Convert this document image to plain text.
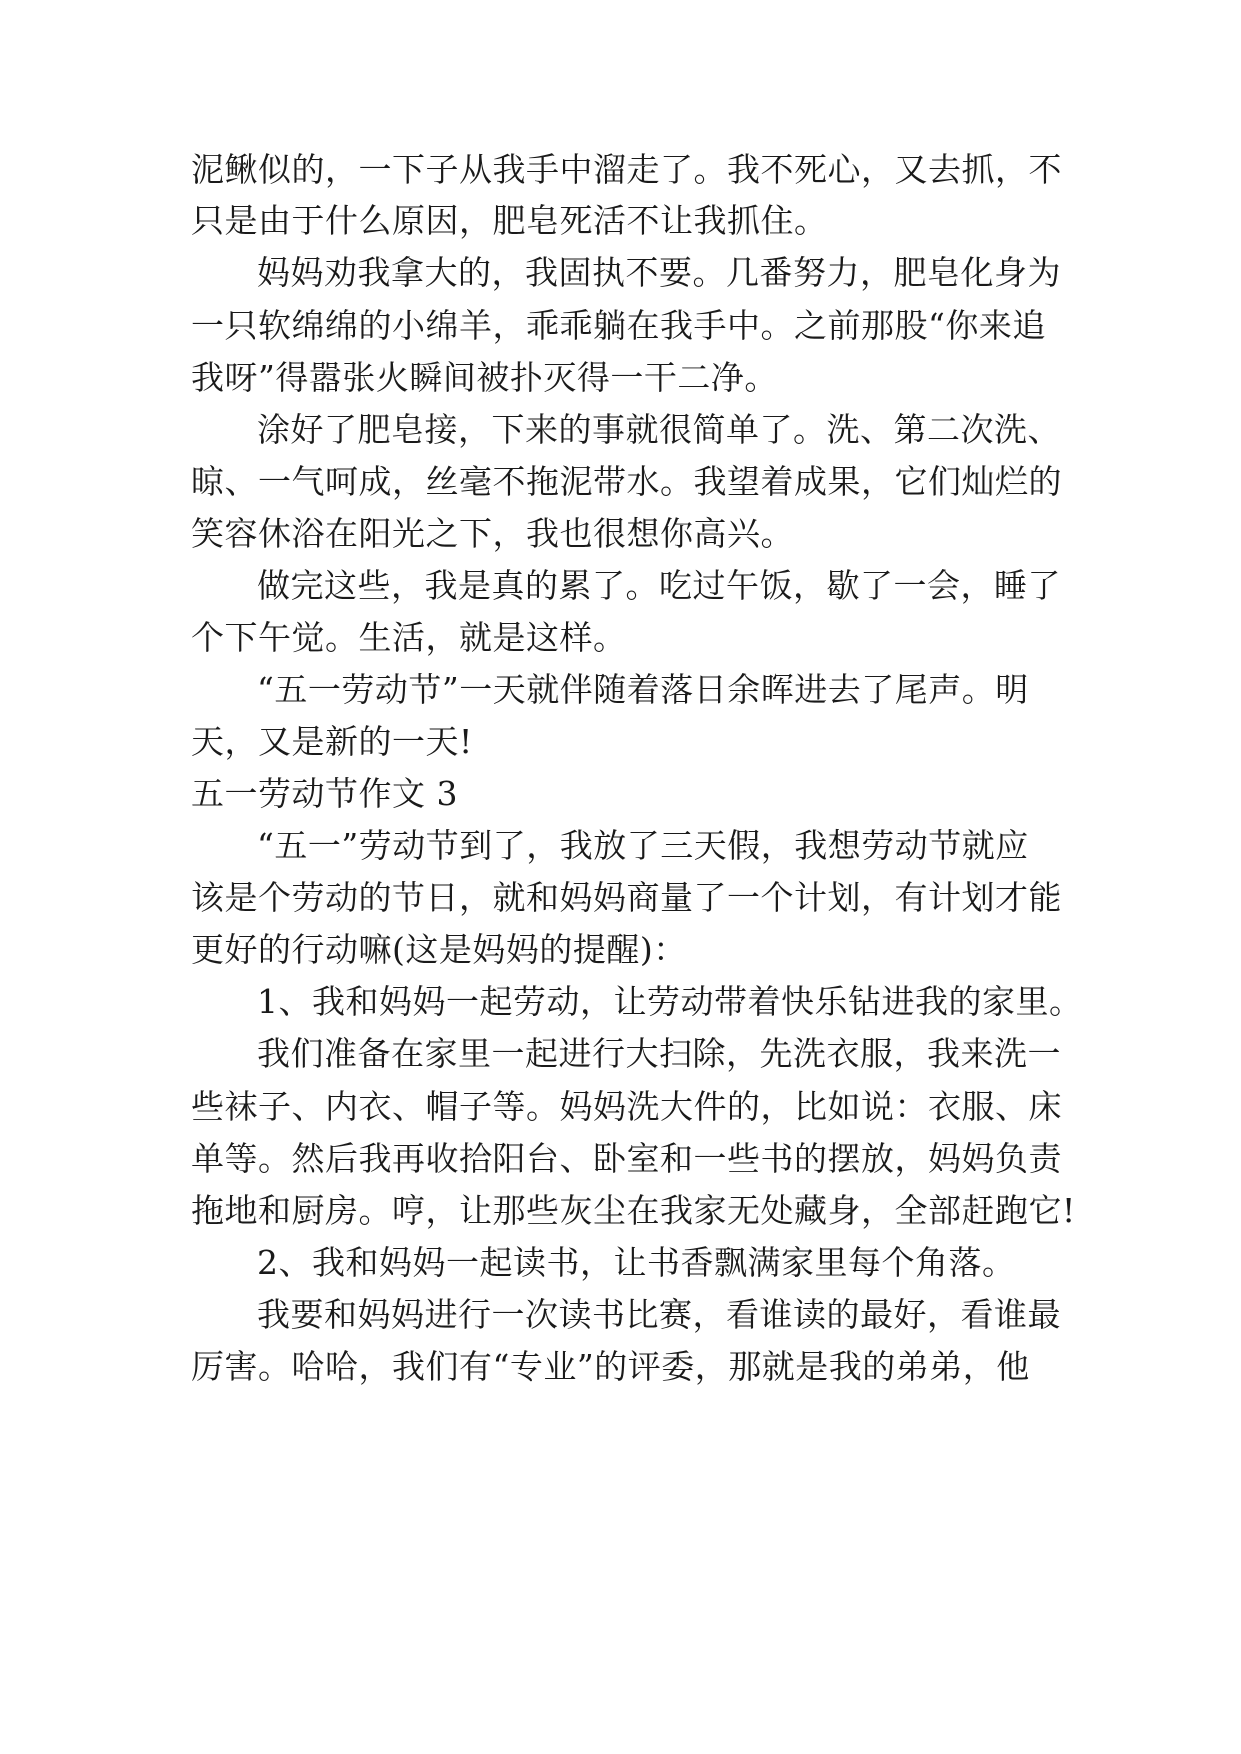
泥鳅似的，一下子从我手中溜走了。我不死心，又去抓，不
只是由于什么原因，肥皂死活不让我抓住。
妈妈劝我拿大的，我固执不要。几番努力，肥皂化身为
一只软绵绵的小绵羊，乖乖躺在我手中。之前那股“你来追
我呀”得嚣张火瞬间被扑灭得一干二净。
涂好了肥皂接，下来的事就很简单了。洗、第二次洗、
晾、一气呵成，丝毫不拖泥带水。我望着成果，它们灿烂的
笑容休浴在阳光之下，我也很想你高兴。
做完这些，我是真的累了。吃过午饭，歇了一会，睡了
个下午觉。生活，就是这样。
“五一劳动节”一天就伴随着落日余晖进去了尾声。明
天，又是新的一天!
五一劳动节作文 3
“五一”劳动节到了，我放了三天假，我想劳动节就应
该是个劳动的节日，就和妈妈商量了一个计划，有计划才能
更好的行动嘛(这是妈妈的提醒)：
1、我和妈妈一起劳动，让劳动带着快乐钻进我的家里。
我们准备在家里一起进行大扫除，先洗衣服，我来洗一
些袜子、内衣、帽子等。妈妈洗大件的，比如说：衣服、床
单等。然后我再收拾阳台、卧室和一些书的摆放，妈妈负责
拖地和厨房。哼，让那些灰尘在我家无处藏身，全部赶跑它!
2、我和妈妈一起读书，让书香飘满家里每个角落。
我要和妈妈进行一次读书比赛，看谁读的最好，看谁最
厉害。哈哈，我们有“专业”的评委，那就是我的弟弟，他
